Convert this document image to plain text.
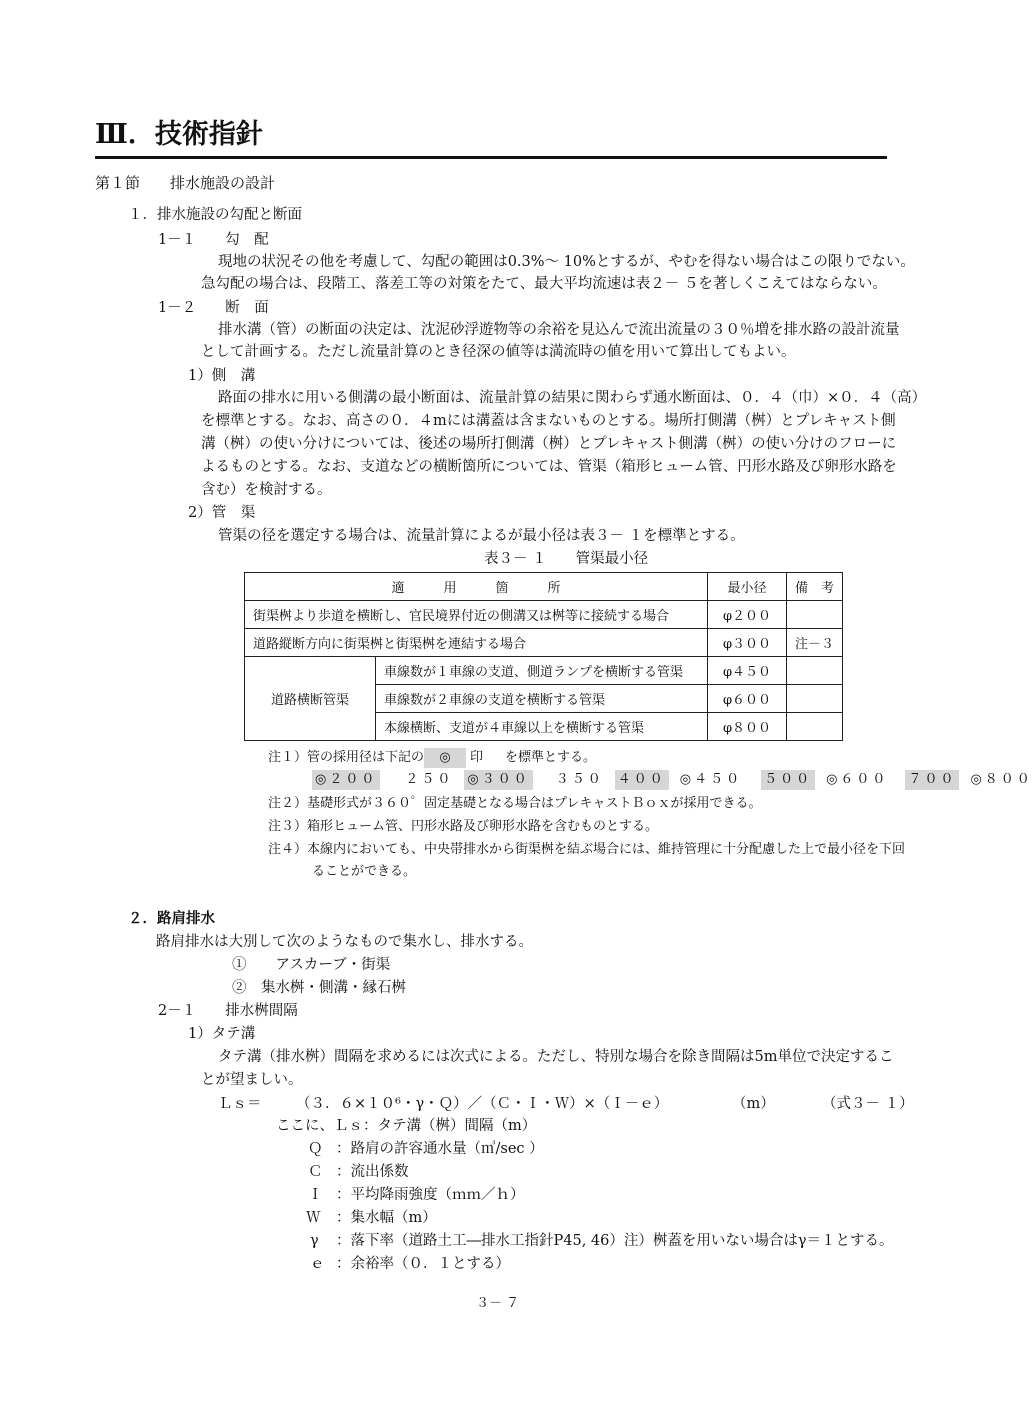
Ⅲ．技術指針
第１節　　排水施設の設計
１．排水施設の勾配と断面
1－１　　勾　配
現地の状況その他を考慮して、勾配の範囲は0.3%～ 10%とするが、やむを得ない場合はこの限りでない。
急勾配の場合は、段階工、落差工等の対策をたて、最大平均流速は表２－ ５を著しくこえてはならない。
1－２　　断　面
排水溝（管）の断面の決定は、沈泥砂浮遊物等の余裕を見込んで流出流量の３０％増を排水路の設計流量
として計画する。ただし流量計算のとき径深の値等は満流時の値を用いて算出してもよい。
1）側　溝
路面の排水に用いる側溝の最小断面は、流量計算の結果に関わらず通水断面は、０．４（巾）×０．４（高）
を標準とする。なお、高さの０．４mには溝蓋は含まないものとする。場所打側溝（桝）とプレキャスト側
溝（桝）の使い分けについては、後述の場所打側溝（桝）とプレキャスト側溝（桝）の使い分けのフローに
よるものとする。なお、支道などの横断箇所については、管渠（箱形ヒューム管、円形水路及び卵形水路を
含む）を検討する。
2）管　渠
管渠の径を選定する場合は、流量計算によるが最小径は表３－ １を標準とする。
表３－ １　　管渠最小径
適　　　用　　　箇　　　所		最小径	備　考
街渠桝より歩道を横断し、官民境界付近の側溝又は桝等に接続する場合		φ２００	
道路縦断方向に街渠桝と街渠桝を連結する場合		φ３００	注－３
道路横断管渠	車線数が１車線の支道、側道ランプを横断する管渠	φ４５０	
	車線数が２車線の支道を横断する管渠	φ６００	
	本線横断、支道が４車線以上を横断する管渠	φ８００	
注１）管の採用径は下記の ◎ 印 を標準とする。
◎２００ ２５０ ◎３００ ３５０ ４００ ◎４５０ ５００ ◎６００ ７００ ◎８００
注２）基礎形式が３６０゜固定基礎となる場合はプレキャストＢｏｘが採用できる。
注３）箱形ヒューム管、円形水路及び卵形水路を含むものとする。
注４）本線内においても、中央帯排水から街渠桝を結ぶ場合には、維持管理に十分配慮した上で最小径を下回
ることができる。
２．路肩排水
路肩排水は大別して次のようなもので集水し、排水する。
①　　アスカーブ・街渠
②　集水桝・側溝・縁石桝
2－１　　排水桝間隔
1）タテ溝
タテ溝（排水桝）間隔を求めるには次式による。ただし、特別な場合を除き間隔は5m単位で決定するこ
とが望ましい。
Ｌｓ＝ （３．６×１０⁶・γ・Ｑ）／（Ｃ・Ｉ・Ｗ）×（Ｉ－ｅ）	（m）	（式３－ １）
ここに、Ｌｓ：タテ溝（桝）間隔（m）
Ｑ ：路肩の許容通水量（㎥/sec ）
Ｃ ：流出係数
Ｉ ：平均降雨強度（ｍｍ／ｈ）
Ｗ ：集水幅（m）
γ ：落下率（道路土工―排水工指針P45, 46）注）桝蓋を用いない場合はγ＝１とする。
ｅ ：余裕率（０．１とする）
３－ ７
